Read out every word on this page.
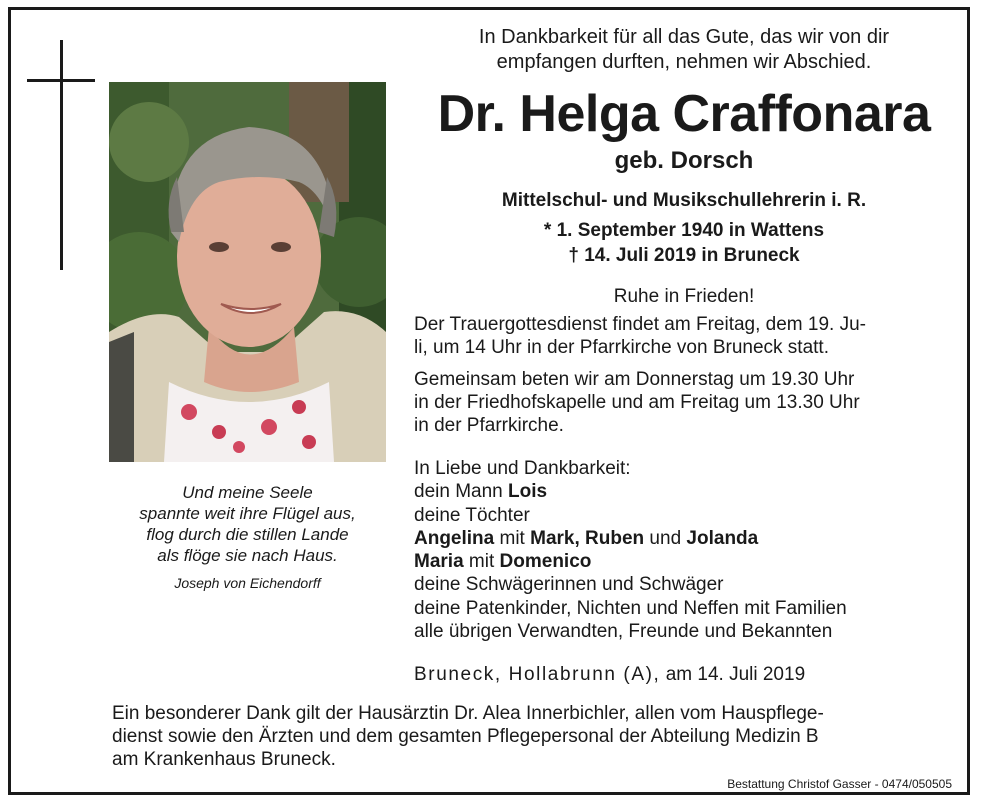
Und meine Seele
spannte weit ihre Flügel aus,
flog durch die stillen Lande
als flöge sie nach Haus.
Joseph von Eichendorff
In Dankbarkeit für all das Gute, das wir von dir
empfangen durften, nehmen wir Abschied.
Dr. Helga Craffonara
geb. Dorsch
Mittelschul- und Musikschullehrerin i. R.
* 1. September 1940 in Wattens
† 14. Juli 2019 in Bruneck
Ruhe in Frieden!
Der Trauergottesdienst findet am Freitag, dem 19. Ju-
li, um 14 Uhr in der Pfarrkirche von Bruneck statt.
Gemeinsam beten wir am Donnerstag um 19.30 Uhr
in der Friedhofskapelle und am Freitag um 13.30 Uhr
in der Pfarrkirche.
In Liebe und Dankbarkeit:
dein Mann Lois
deine Töchter
Angelina mit Mark, Ruben und Jolanda
Maria mit Domenico
deine Schwägerinnen und Schwäger
deine Patenkinder, Nichten und Neffen mit Familien
alle übrigen Verwandten, Freunde und Bekannten
Bruneck, Hollabrunn (A), am 14. Juli 2019
Ein besonderer Dank gilt der Hausärztin Dr. Alea Innerbichler, allen vom Hauspflege-
dienst sowie den Ärzten und dem gesamten Pflegepersonal der Abteilung Medizin B
am Krankenhaus Bruneck.
Bestattung Christof Gasser - 0474/050505
